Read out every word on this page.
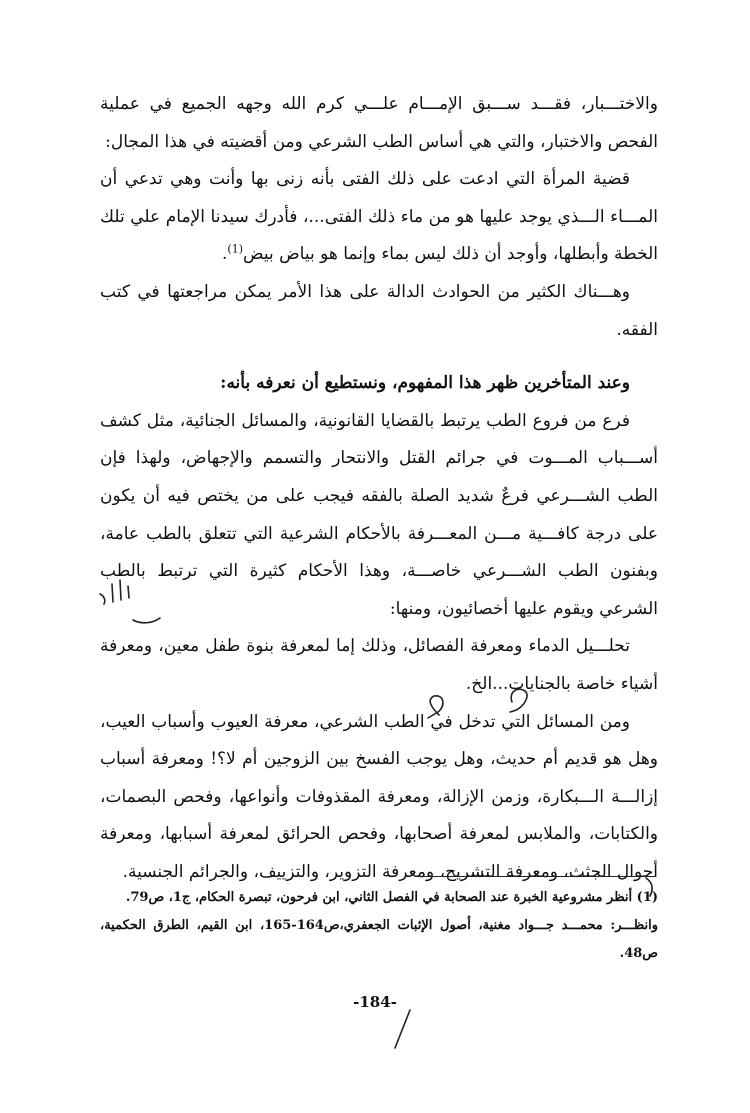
والاختـــبار، فقـــد ســـبق الإمـــام علـــي كرم الله وجهه الجميع في عملية الفحص والاختبار، والتي هي أساس الطب الشرعي ومن أقضيته في هذا المجال:

قضية المرأة التي ادعت على ذلك الفتى بأنه زنى بها وأنت وهي تدعي أن المـــاء الـــذي يوجد عليها هو من ماء ذلك الفتى...، فأدرك سيدنا الإمام علي تلك الخطة وأبطلها، وأوجد أن ذلك ليس بماء وإنما هو بياض بيض$^{(1)}$.

وهـــناك الكثير من الحوادث الدالة على هذا الأمر يمكن مراجعتها في كتب الفقه.

وعند المتأخرين ظهر هذا المفهوم، ونستطيع أن نعرفه بأنه:

فرع من فروع الطب يرتبط بالقضايا القانونية، والمسائل الجنائية، مثل كشف أســـباب المـــوت في جرائم القتل والانتحار والتسمم والإجهاض، ولهذا فإن الطب الشـــرعي فرعٌ شديد الصلة بالفقه فيجب على من يختص فيه أن يكون على درجة كافـــية مـــن المعـــرفة بالأحكام الشرعية التي تتعلق بالطب عامة، وبفنون الطب الشـــرعي خاصـــة، وهذا الأحكام كثيرة التي ترتبط بالطب الشرعي ويقوم عليها أخصائيون، ومنها:

تحلـــيل الدماء ومعرفة الفصائل، وذلك إما لمعرفة بنوة طفل معين، ومعرفة أشياء خاصة بالجنايات...الخ.

ومن المسائل التي تدخل في الطب الشرعي، معرفة العيوب وأسباب العيب، وهل هو قديم أم حديث، وهل يوجب الفسخ بين الزوجين أم لا؟! ومعرفة أسباب إزالـــة الـــبكارة، وزمن الإزالة، ومعرفة المقذوفات وأنواعها، وفحص البصمات، والكتابات، والملابس لمعرفة أصحابها، وفحص الحرائق لمعرفة أسبابها، ومعرفة أحوال الجثث، ومعرفة التشريح، ومعرفة التزوير، والتزييف، والجرائم الجنسية.

(1) أنظر مشروعية الخبرة عند الصحابة في الفصل الثاني، ابن فرحون، تبصرة الحكام، ج1، ص79.

وانظـــر: محمـــد جـــواد مغنية، أصول الإثبات الجعفري،ص164-165، ابن القيم، الطرق الحكمية، ص48.

-184-
